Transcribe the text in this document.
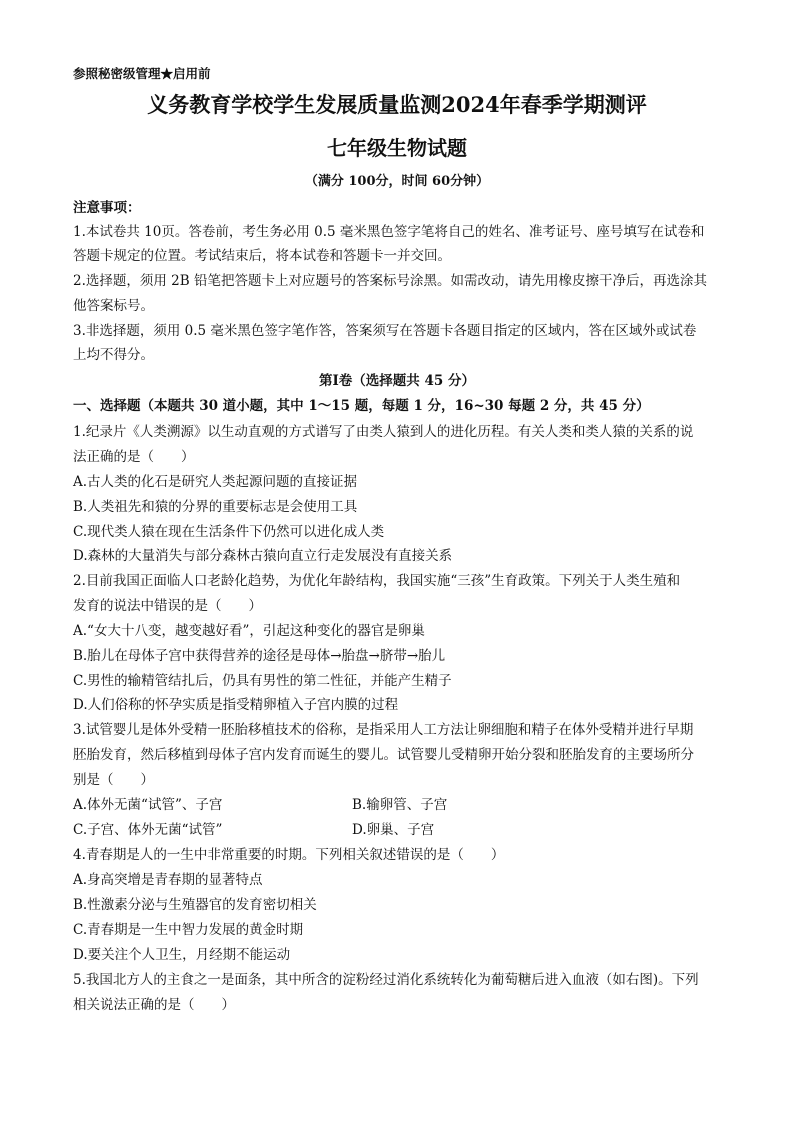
参照秘密级管理★启用前
义务教育学校学生发展质量监测2024年春季学期测评
七年级生物试题
（满分 100分，时间 60分钟）
注意事项：
1.本试卷共 10页。答卷前，考生务必用 0.5 毫米黑色签字笔将自己的姓名、准考证号、座号填写在试卷和
答题卡规定的位置。考试结束后，将本试卷和答题卡一并交回。
2.选择题，须用 2B 铅笔把答题卡上对应题号的答案标号涂黑。如需改动，请先用橡皮擦干净后，再选涂其
他答案标号。
3.非选择题，须用 0.5 毫米黑色签字笔作答，答案须写在答题卡各题目指定的区域内，答在区域外或试卷
上均不得分。
第Ⅰ卷（选择题共 45 分）
一、选择题（本题共 30 道小题，其中 1～15 题，每题 1 分，16~30 每题 2 分，共 45 分）
1.纪录片《人类溯源》以生动直观的方式谱写了由类人猿到人的进化历程。有关人类和类人猿的关系的说
法正确的是（　　）
A.古人类的化石是研究人类起源问题的直接证据
B.人类祖先和猿的分界的重要标志是会使用工具
C.现代类人猿在现在生活条件下仍然可以进化成人类
D.森林的大量消失与部分森林古猿向直立行走发展没有直接关系
2.目前我国正面临人口老龄化趋势，为优化年龄结构，我国实施“三孩”生育政策。下列关于人类生殖和
发育的说法中错误的是（　　）
A.“女大十八变，越变越好看”，引起这种变化的器官是卵巢
B.胎儿在母体子宫中获得营养的途径是母体→胎盘→脐带→胎儿
C.男性的输精管结扎后，仍具有男性的第二性征，并能产生精子
D.人们俗称的怀孕实质是指受精卵植入子宫内膜的过程
3.试管婴儿是体外受精一胚胎移植技术的俗称，是指采用人工方法让卵细胞和精子在体外受精并进行早期
胚胎发育，然后移植到母体子宫内发育而诞生的婴儿。试管婴儿受精卵开始分裂和胚胎发育的主要场所分
别是（　　）
A.体外无菌“试管”、子宫	B.输卵管、子宫
C.子宫、体外无菌“试管”	D.卵巢、子宫
4.青春期是人的一生中非常重要的时期。下列相关叙述错误的是（　　）
A.身高突增是青春期的显著特点
B.性激素分泌与生殖器官的发育密切相关
C.青春期是一生中智力发展的黄金时期
D.要关注个人卫生，月经期不能运动
5.我国北方人的主食之一是面条，其中所含的淀粉经过消化系统转化为葡萄糖后进入血液（如右图)。下列
相关说法正确的是（　　）
